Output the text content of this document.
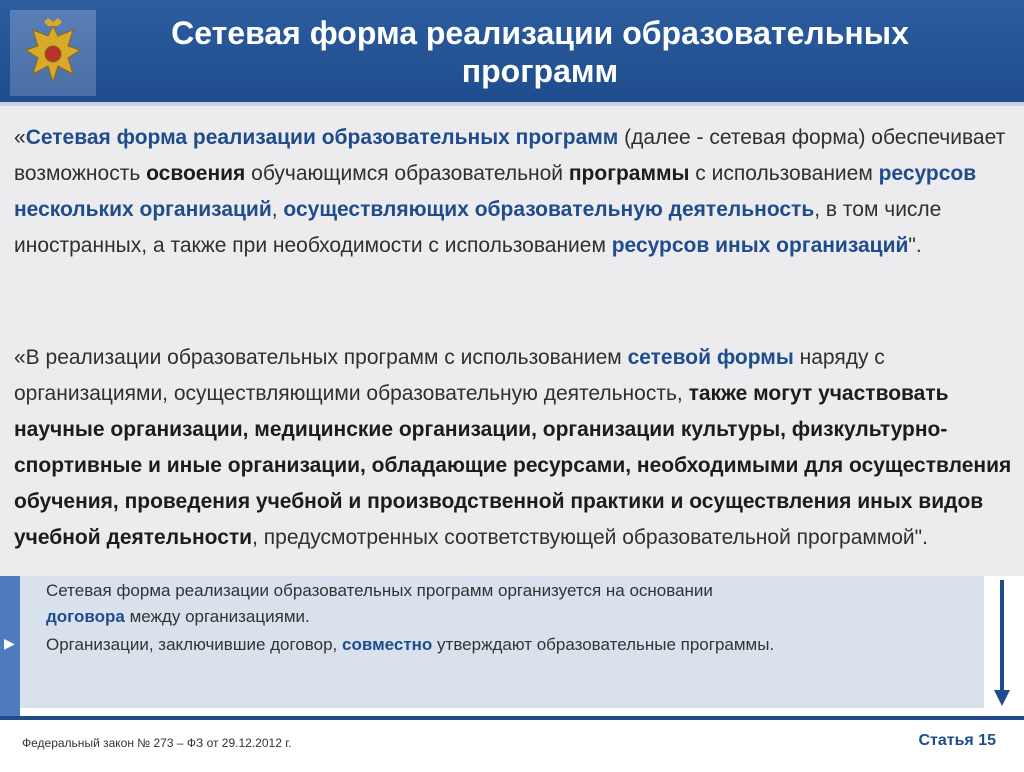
Сетевая форма реализации образовательных
программ
«Сетевая форма реализации образовательных программ (далее - сетевая форма) обеспечивает возможность освоения обучающимся образовательной программы с использованием ресурсов нескольких организаций, осуществляющих образовательную деятельность, в том числе иностранных, а также при необходимости с использованием ресурсов иных организаций".
«В реализации образовательных программ с использованием сетевой формы наряду с организациями, осуществляющими образовательную деятельность, также могут участвовать научные организации, медицинские организации, организации культуры, физкультурно-спортивные и иные организации, обладающие ресурсами, необходимыми для осуществления обучения, проведения учебной и производственной практики и осуществления иных видов учебной деятельности, предусмотренных соответствующей образовательной программой".
▶
Сетевая форма реализации образовательных программ организуется на основании
договора между организациями.
Организации, заключившие договор, совместно утверждают образовательные программы.
Федеральный закон № 273 – ФЗ от 29.12.2012 г.	Статья 15
